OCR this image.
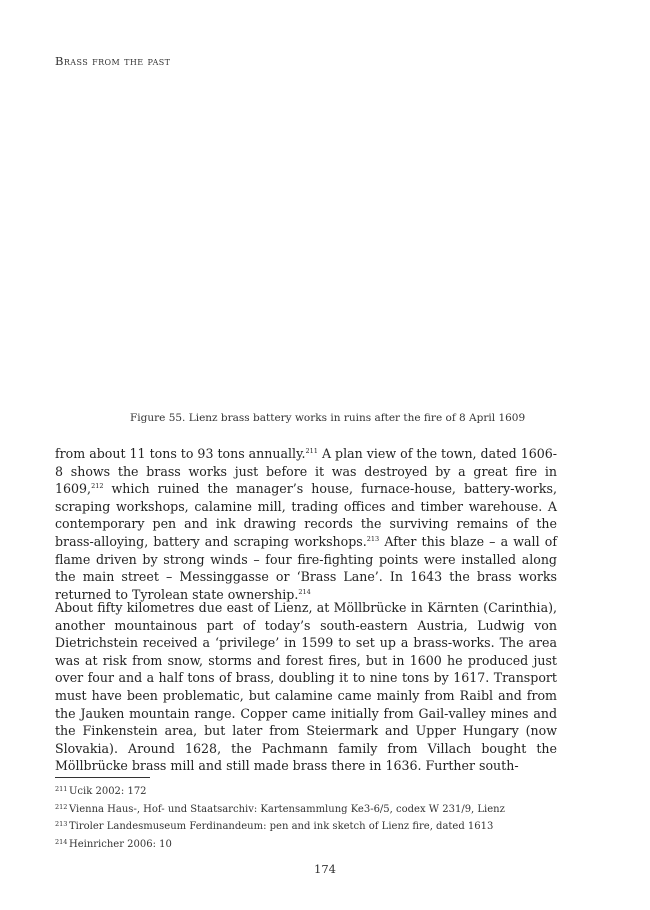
Brass from the past
Figure 55. Lienz brass battery works in ruins after the fire of 8 April 1609

from about 11 tons to 93 tons annually.$^{211}$ A plan view of the town, dated 1606-8 shows the brass works just before it was destroyed by a great fire in 1609,$^{212}$ which ruined the manager’s house, furnace-house, battery-works, scraping workshops, calamine mill, trading offices and timber warehouse. A contemporary pen and ink drawing records the surviving remains of the brass-alloying, battery and scraping workshops.$^{213}$ After this blaze – a wall of flame driven by strong winds – four fire-fighting points were installed along the main street – Messinggasse or ‘Brass Lane’. In 1643 the brass works returned to Tyrolean state ownership.$^{214}$

About fifty kilometres due east of Lienz, at Möllbrücke in Kärnten (Carinthia), another mountainous part of today’s south-eastern Austria, Ludwig von Dietrichstein received a ‘privilege’ in 1599 to set up a brass-works. The area was at risk from snow, storms and forest fires, but in 1600 he produced just over four and a half tons of brass, doubling it to nine tons by 1617. Transport must have been problematic, but calamine came mainly from Raibl and from the Jauken mountain range. Copper came initially from Gail-valley mines and the Finkenstein area, but later from Steiermark and Upper Hungary (now Slovakia). Around 1628, the Pachmann family from Villach bought the Möllbrücke brass mill and still made brass there in 1636. Further south-

211 Ucik 2002: 172
212 Vienna Haus-, Hof- und Staatsarchiv: Kartensammlung Ke3-6/5, codex W 231/9, Lienz
213 Tiroler Landesmuseum Ferdinandeum: pen and ink sketch of Lienz fire, dated 1613
214 Heinricher 2006: 10
174
